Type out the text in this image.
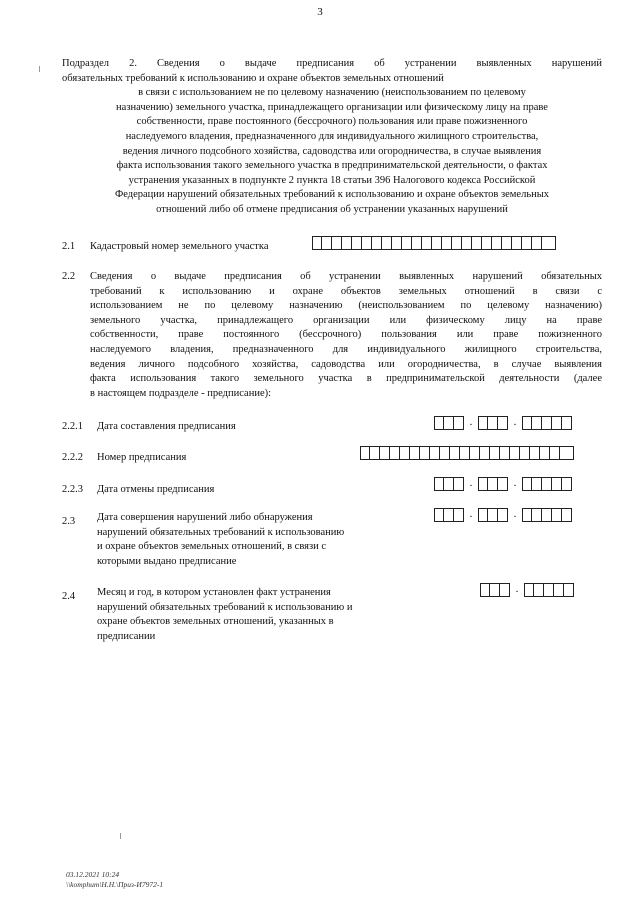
3
Подраздел 2. Сведения о выдаче предписания об устранении выявленных нарушений
обязательных требований к использованию и охране объектов земельных отношений
в связи с использованием не по целевому назначению (неиспользованием по целевому
назначению) земельного участка, принадлежащего организации или физическому лицу на праве
собственности, праве постоянного (бессрочного) пользования или праве пожизненного
наследуемого владения, предназначенного для индивидуального жилищного строительства,
ведения личного подсобного хозяйства, садоводства или огородничества, в случае выявления
факта использования такого земельного участка в предпринимательской деятельности, о фактах
устранения указанных в подпункте 2 пункта 18 статьи 396 Налогового кодекса Российской
Федерации нарушений обязательных требований к использованию и охране объектов земельных
отношений либо об отмене предписания об устранении указанных нарушений
2.1 Кадастровый номер земельного участка
2.2 Сведения о выдаче предписания об устранении выявленных нарушений обязательных
требований к использованию и охране объектов земельных отношений в связи с
использованием не по целевому назначению (неиспользованием по целевому назначению)
земельного участка, принадлежащего организации или физическому лицу на праве
собственности, праве постоянного (бессрочного) пользования или праве пожизненного
наследуемого владения, предназначенного для индивидуального жилищного строительства,
ведения личного подсобного хозяйства, садоводства или огородничества, в случае выявления
факта использования такого земельного участка в предпринимательской деятельности (далее
в настоящем подразделе - предписание):
2.2.1 Дата составления предписания	.	.
2.2.2 Номер предписания
2.2.3 Дата отмены предписания
.	.
2.3 Дата совершения нарушений либо обнаружения
нарушений обязательных требований к использованию
и охране объектов земельных отношений, в связи с
которыми выдано предписание
.	.
2.4 Месяц и год, в котором установлен факт устранения
нарушений обязательных требований к использованию и
охране объектов земельных отношений, указанных в
предписании
.
03.12.2021 10:24
\\komphum\Н.Н.\Приз-И7972-1
